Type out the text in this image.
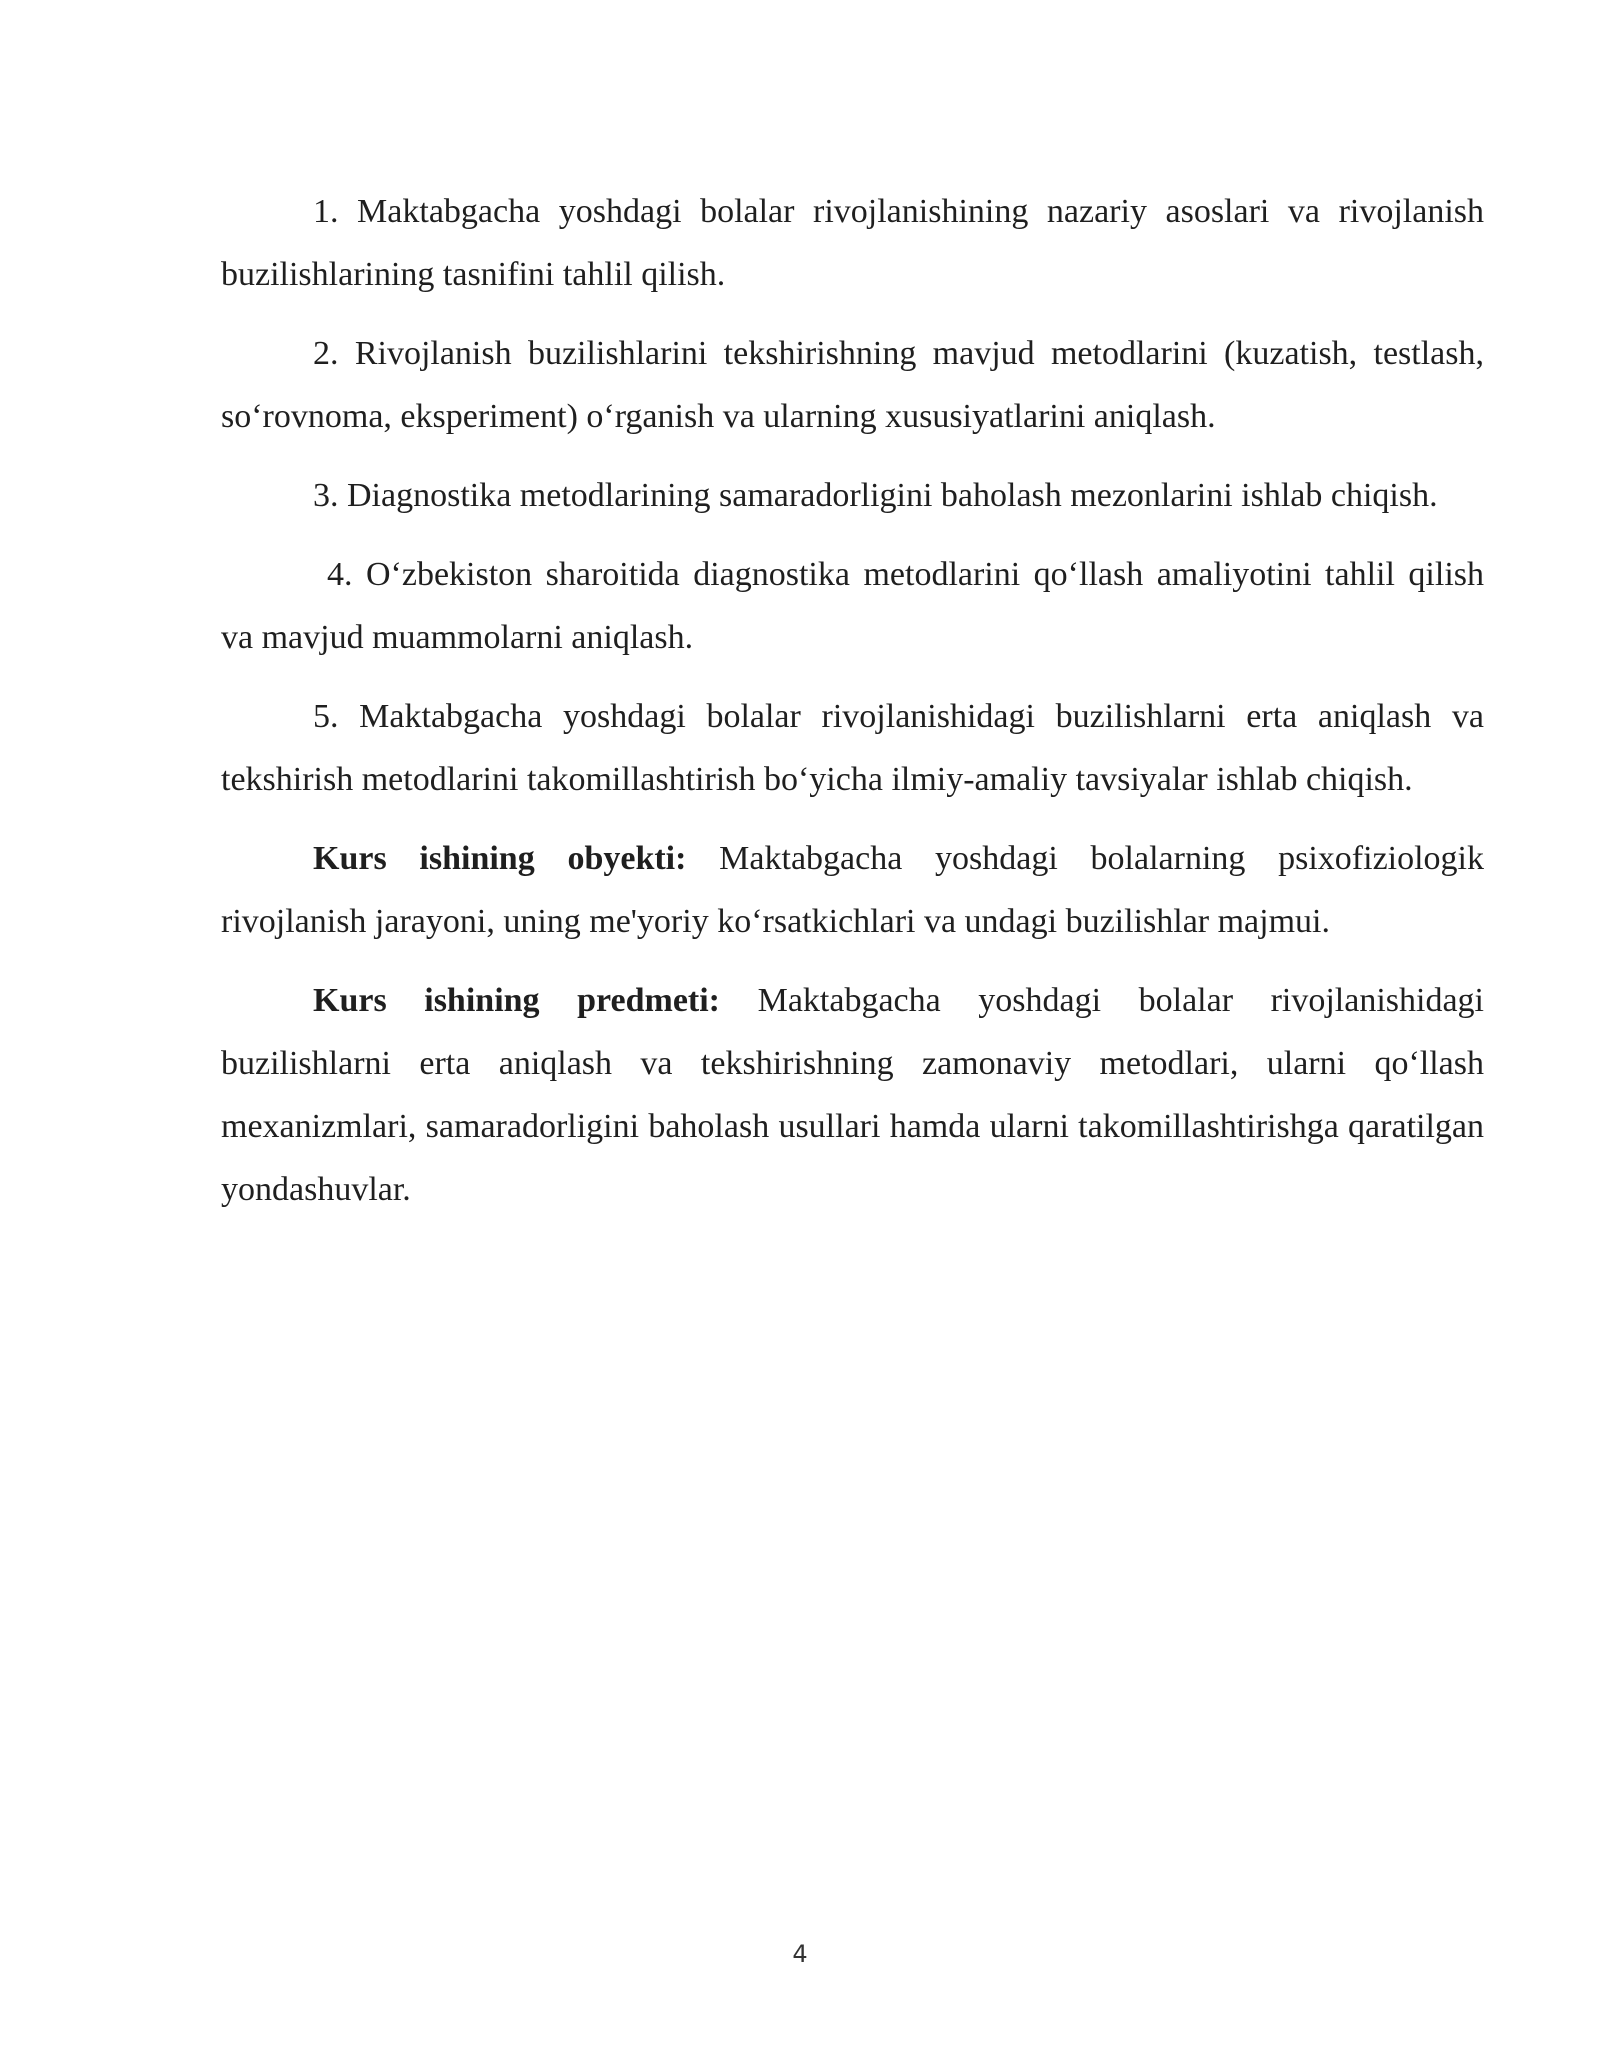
1. Maktabgacha yoshdagi bolalar rivojlanishining nazariy asoslari va rivojlanish buzilishlarining tasnifini tahlil qilish.

2. Rivojlanish buzilishlarini tekshirishning mavjud metodlarini (kuzatish, testlash, so‘rovnoma, eksperiment) o‘rganish va ularning xususiyatlarini aniqlash.

3. Diagnostika metodlarining samaradorligini baholash mezonlarini ishlab chiqish.

4. O‘zbekiston sharoitida diagnostika metodlarini qo‘llash amaliyotini tahlil qilish va mavjud muammolarni aniqlash.

5. Maktabgacha yoshdagi bolalar rivojlanishidagi buzilishlarni erta aniqlash va tekshirish metodlarini takomillashtirish bo‘yicha ilmiy-amaliy tavsiyalar ishlab chiqish.

Kurs ishining obyekti: Maktabgacha yoshdagi bolalarning psixofiziologik rivojlanish jarayoni, uning me'yoriy ko‘rsatkichlari va undagi buzilishlar majmui.

Kurs ishining predmeti: Maktabgacha yoshdagi bolalar rivojlanishidagi buzilishlarni erta aniqlash va tekshirishning zamonaviy metodlari, ularni qo‘llash mexanizmlari, samaradorligini baholash usullari hamda ularni takomillashtirishga qaratilgan yondashuvlar.

4
